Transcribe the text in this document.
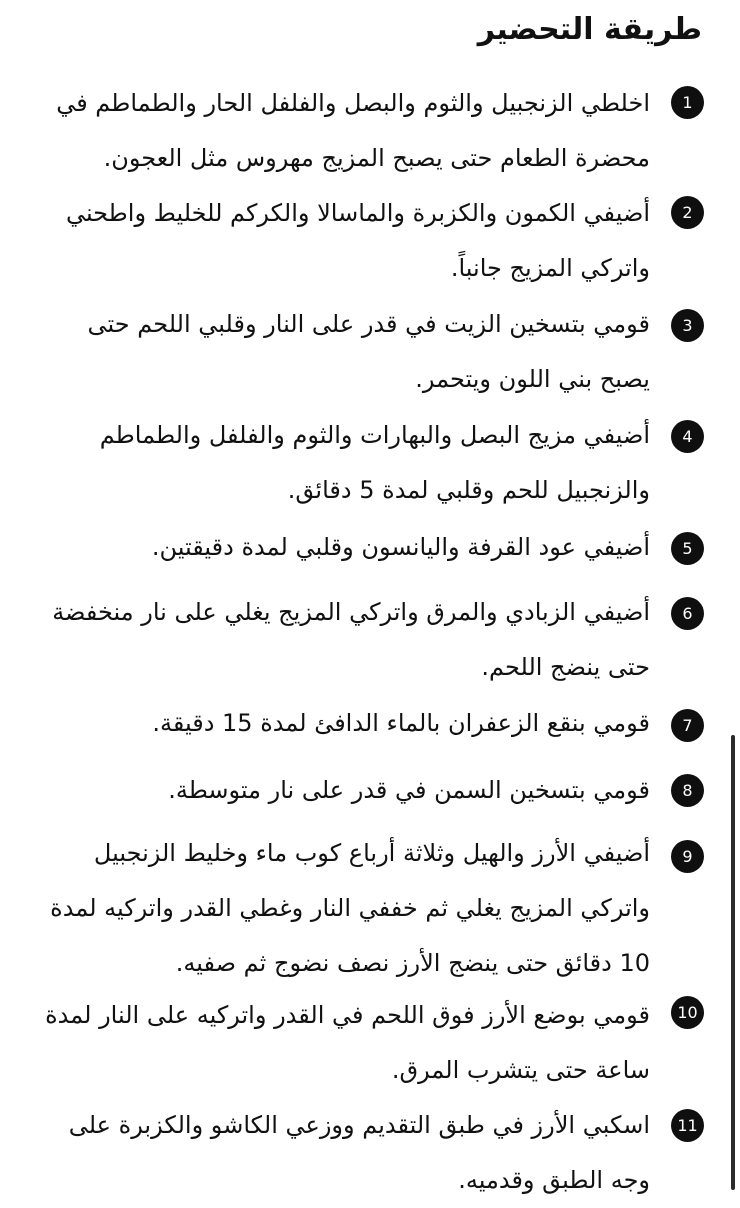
طريقة التحضير
1

اخلطي الزنجبيل والثوم والبصل والفلفل الحار والطماطم في محضرة الطعام حتى يصبح المزيج مهروس مثل العجون.

2

أضيفي الكمون والكزبرة والماسالا والكركم للخليط واطحني واتركي المزيج جانباً.

3

قومي بتسخين الزيت في قدر على النار وقلبي اللحم حتى يصبح بني اللون ويتحمر.

4

أضيفي مزيج البصل والبهارات والثوم والفلفل والطماطم والزنجبيل للحم وقلبي لمدة 5 دقائق.

5

أضيفي عود القرفة واليانسون وقلبي لمدة دقيقتين.

6

أضيفي الزبادي والمرق واتركي المزيج يغلي على نار منخفضة حتى ينضج اللحم.

7

قومي بنقع الزعفران بالماء الدافئ لمدة 15 دقيقة.

8

قومي بتسخين السمن في قدر على نار متوسطة.

9

أضيفي الأرز والهيل وثلاثة أرباع كوب ماء وخليط الزنجبيل واتركي المزيج يغلي ثم خففي النار وغطي القدر واتركيه لمدة 10 دقائق حتى ينضج الأرز نصف نضوج ثم صفيه.

10

قومي بوضع الأرز فوق اللحم في القدر واتركيه على النار لمدة ساعة حتى يتشرب المرق.

11

اسكبي الأرز في طبق التقديم ووزعي الكاشو والكزبرة على وجه الطبق وقدميه.
